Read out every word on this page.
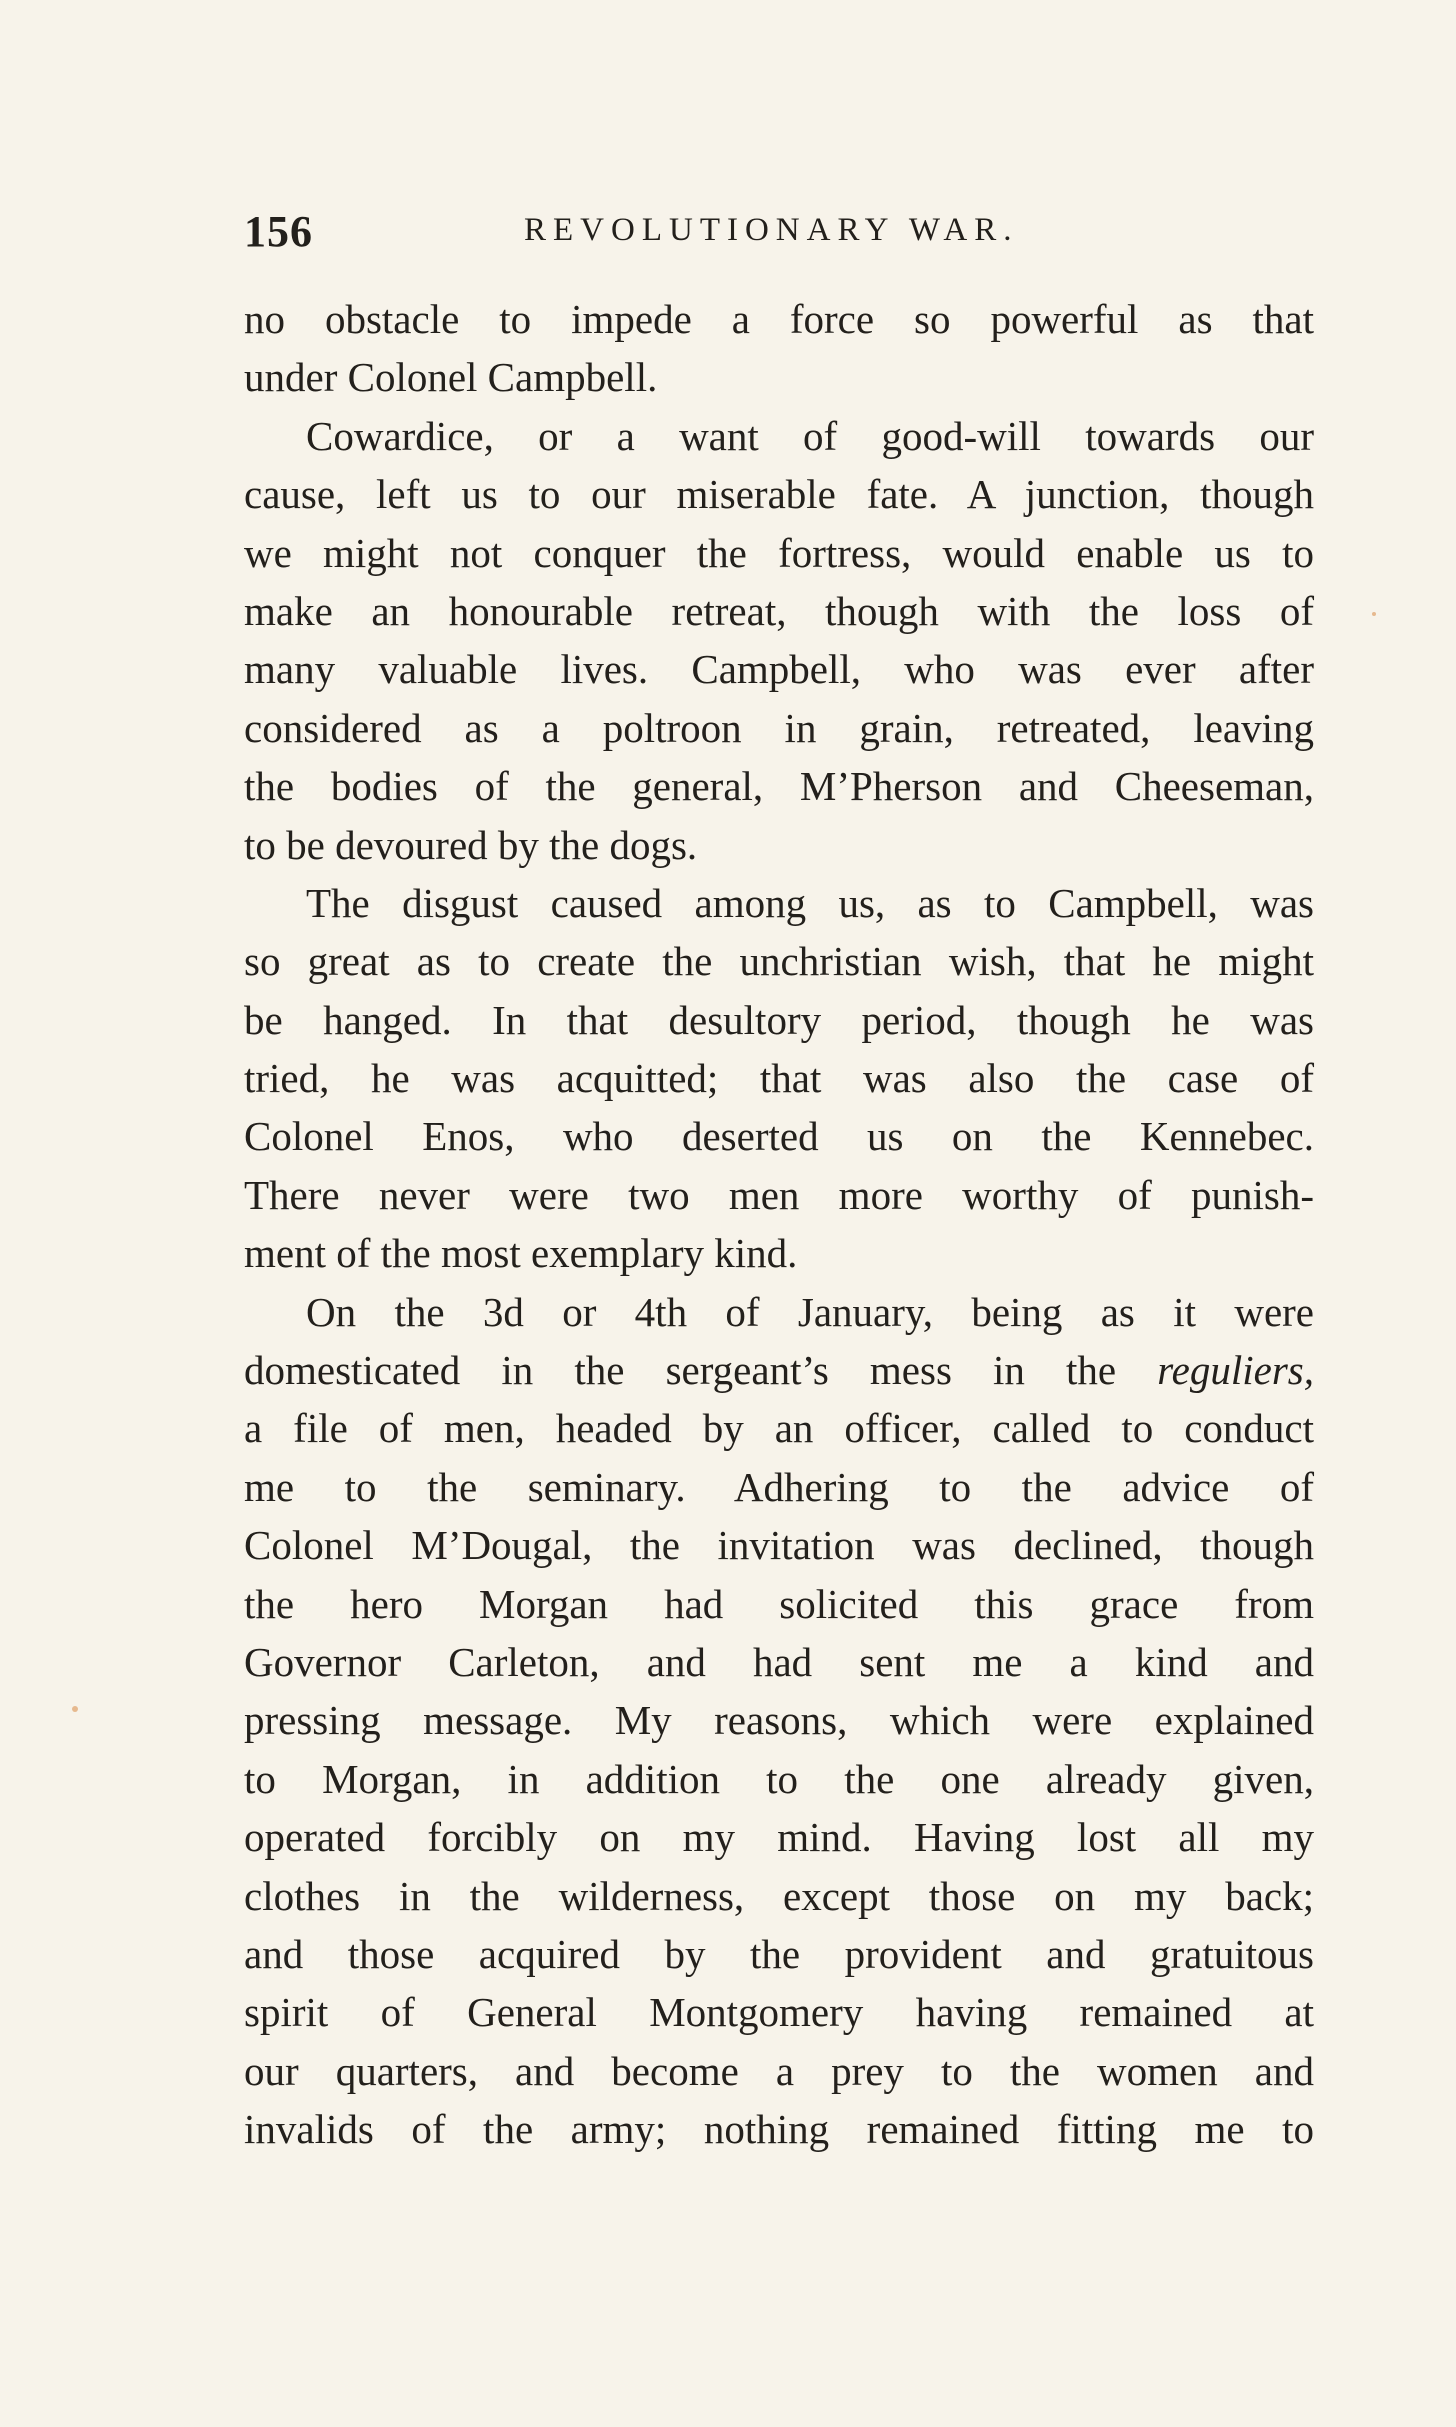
156	REVOLUTIONARY WAR.
no obstacle to impede a force so powerful as that
under Colonel Campbell.
Cowardice, or a want of good-will towards our
cause, left us to our miserable fate. A junction, though
we might not conquer the fortress, would enable us to
make an honourable retreat, though with the loss of
many valuable lives. Campbell, who was ever after
considered as a poltroon in grain, retreated, leaving
the bodies of the general, M’Pherson and Cheeseman,
to be devoured by the dogs.
The disgust caused among us, as to Campbell, was
so great as to create the unchristian wish, that he might
be hanged. In that desultory period, though he was
tried, he was acquitted; that was also the case of
Colonel Enos, who deserted us on the Kennebec.
There never were two men more worthy of punish-
ment of the most exemplary kind.
On the 3d or 4th of January, being as it were
domesticated in the sergeant’s mess in the reguliers,
a file of men, headed by an officer, called to conduct
me to the seminary. Adhering to the advice of
Colonel M’Dougal, the invitation was declined, though
the hero Morgan had solicited this grace from
Governor Carleton, and had sent me a kind and
pressing message. My reasons, which were explained
to Morgan, in addition to the one already given,
operated forcibly on my mind. Having lost all my
clothes in the wilderness, except those on my back;
and those acquired by the provident and gratuitous
spirit of General Montgomery having remained at
our quarters, and become a prey to the women and
invalids of the army; nothing remained fitting me to
